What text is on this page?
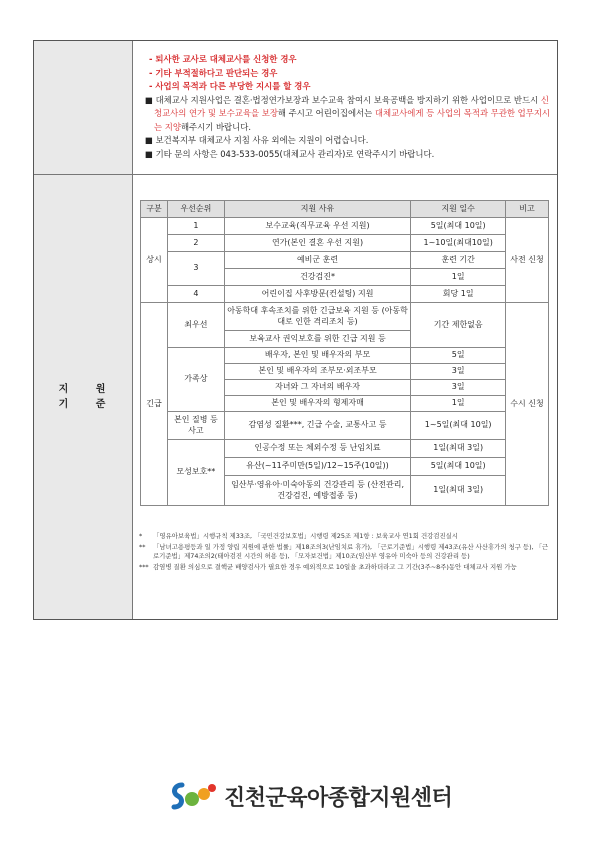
- 퇴사한 교사로 대체교사를 신청한 경우
- 기타 부적절하다고 판단되는 경우
- 사업의 목적과 다른 부당한 지시를 할 경우
■ 대체교사 지원사업은 결혼·법정연가보장과 보수교육 참여시 보육공백을 방지하기 위한 사업이므로 반드시 신청교사의 연가 및 보수교육을 보장해 주시고 어린이집에서는 대체교사에게 등 사업의 목적과 무관한 업무지시는 지양해주시기 바랍니다.
■ 보건복지부 대체교사 지침 사유 외에는 지원이 어렵습니다.
■ 기타 문의 사항은 043-533-0055(대체교사 관리자)로 연락주시기 바랍니다.
지 원 기 준
구분	우선순위	지원 사유	지원 일수	비고
상시	1	보수교육(직무교육 우선 지원)	5일(최대 10일)	사전 신청
	2	연가(본인 결혼 우선 지원)	1~10일(최대10일)	
	3	예비군 훈련	훈련 기간	
		건강검진*	1일	
	4	어린이집 사후방문(컨설팅) 지원	회당 1일	
긴급	최우선	아동학대 후속조치를 위한 긴급보육 지원 등 (아동학대로 인한 격리조치 등)	기간 제한없음	수시 신청
		보육교사 권익보호를 위한 긴급 지원 등		
	가족상	배우자, 본인 및 배우자의 부모	5일	
		본인 및 배우자의 조부모·외조부모	3일	
		자녀와 그 자녀의 배우자	3일	
		본인 및 배우자의 형제자매	1일	
	본인 질병 등 사고	감염성 질환***, 긴급 수술, 교통사고 등	1~5일(최대 10일)	
	모성보호**	인공수정 또는 체외수정 등 난임치료	1일(최대 3일)	
		유산(~11주미만(5일)/12~15주(10일))	5일(최대 10일)	
		임산부·영유아·미숙아동의 건강관리 등 (산전관리, 건강검진, 예방접종 등)	1일(최대 3일)	
*	「영유아보육법」시행규칙 제33조, 「국민건강보호법」시행령 제25조 제1항 : 보육교사 연1회 건강검진실시
**	「남녀고용평등과 일 가정 양립 지원에 관한 법률」제18조의3(난임치료 휴가), 「근로기준법」시행령 제43조(유산 사산휴가의 청구 등), 「근로기준법」제74조의2(태아검진 시간의 허용 등), 「모자보건법」제10조(임산부 영유아 미숙아 등의 건강관리 등)
*** 감염병 질환 의심으로 결핵균 배양검사가 필요한 경우 예외적으로 10일을 초과하더라고 그 기간(3주~8주)동안 대체교사 지원 가능
진천군육아종합지원센터
